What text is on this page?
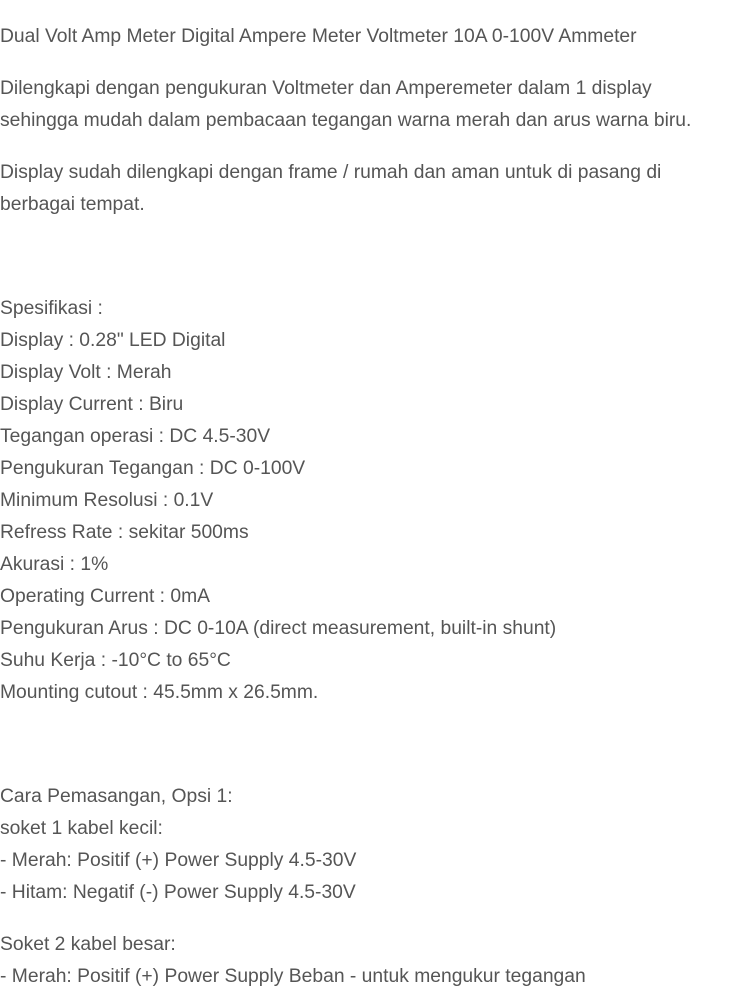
Dual Volt Amp Meter Digital Ampere Meter Voltmeter 10A 0-100V Ammeter

Dilengkapi dengan pengukuran Voltmeter dan Amperemeter dalam 1 display
sehingga mudah dalam pembacaan tegangan warna merah dan arus warna biru.
Display sudah dilengkapi dengan frame / rumah dan aman untuk di pasang di
berbagai tempat.
Spesifikasi :
Display : 0.28" LED Digital
Display Volt : Merah
Display Current : Biru
Tegangan operasi : DC 4.5-30V
Pengukuran Tegangan : DC 0-100V
Minimum Resolusi : 0.1V
Refress Rate : sekitar 500ms
Akurasi : 1%
Operating Current : 0mA
Pengukuran Arus : DC 0-10A (direct measurement, built-in shunt)
Suhu Kerja : -10°C to 65°C
Mounting cutout : 45.5mm x 26.5mm.
Cara Pemasangan, Opsi 1:
soket 1 kabel kecil:
- Merah: Positif (+) Power Supply 4.5-30V
- Hitam: Negatif (-) Power Supply 4.5-30V
Soket 2 kabel besar:
- Merah: Positif (+) Power Supply Beban - untuk mengukur tegangan
